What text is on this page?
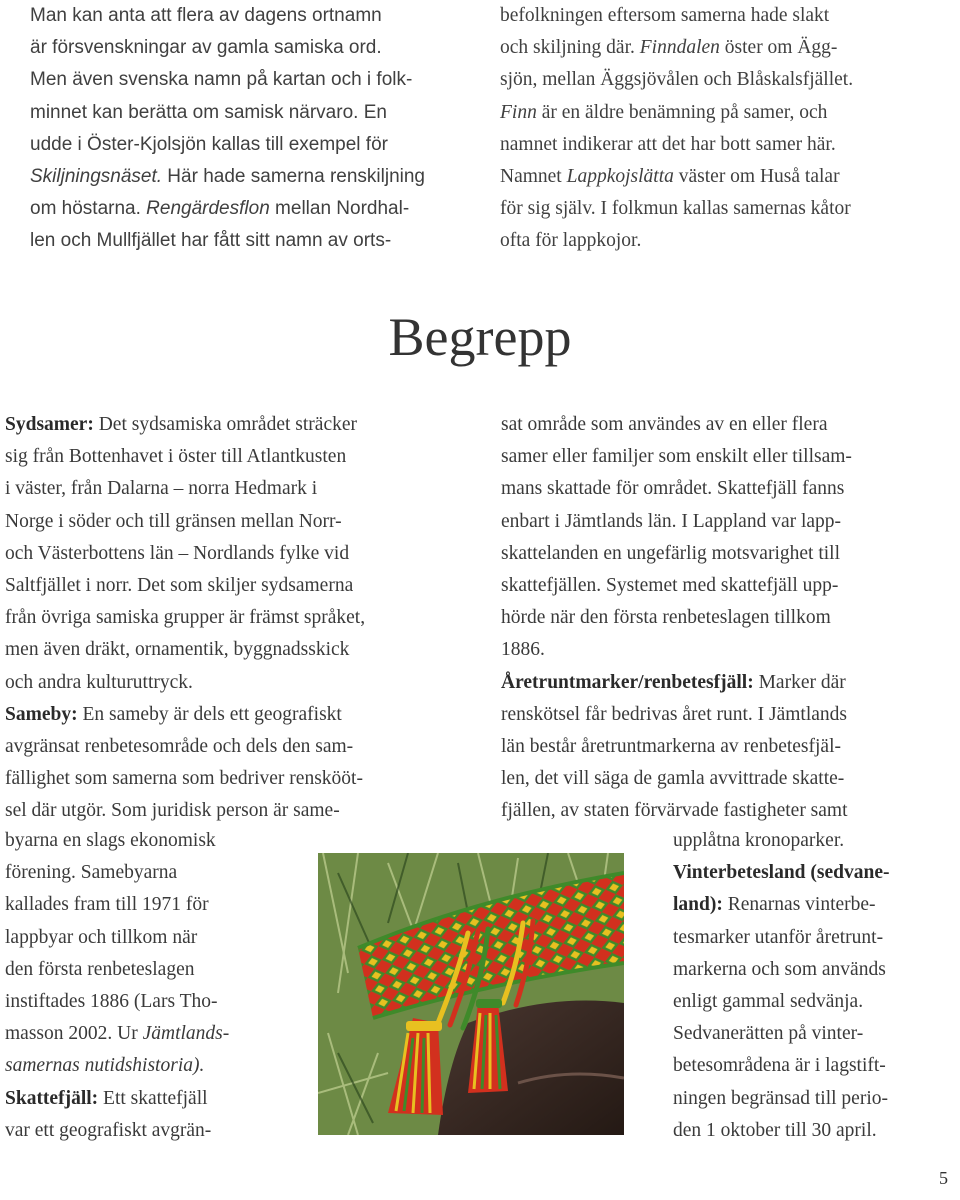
Man kan anta att flera av dagens ortnamn
är försvenskningar av gamla samiska ord.
Men även svenska namn på kartan och i folk-
minnet kan berätta om samisk närvaro. En
udde i Öster-Kjolsjön kallas till exempel för
Skiljningsnäset. Här hade samerna renskiljning
om höstarna. Rengärdesflon mellan Nordhal-
len och Mullfjället har fått sitt namn av orts-
befolkningen eftersom samerna hade slakt
och skiljning där. Finndalen öster om Ägg-
sjön, mellan Äggsjövålen och Blåskalsfjället.
Finn är en äldre benämning på samer, och
namnet indikerar att det har bott samer här.
Namnet Lappkojslätta väster om Huså talar
för sig själv. I folkmun kallas samernas kåtor
ofta för lappkojor.
Begrepp
Sydsamer: Det sydsamiska området sträcker
sig från Bottenhavet i öster till Atlantkusten
i väster, från Dalarna – norra Hedmark i
Norge i söder och till gränsen mellan Norr-
och Västerbottens län – Nordlands fylke vid
Saltfjället i norr. Det som skiljer sydsamerna
från övriga samiska grupper är främst språket,
men även dräkt, ornamentik, byggnadsskick
och andra kulturuttryck.
Sameby: En sameby är dels ett geografiskt
avgränsat renbetesområde och dels den sam-
fällighet som samerna som bedriver renskööt-
sel där utgör. Som juridisk person är same-
byarna en slags ekonomisk
förening. Samebyarna
kallades fram till 1971 för
lappbyar och tillkom när
den första renbeteslagen
instiftades 1886 (Lars Tho-
masson 2002. Ur Jämtlands-
samernas nutidshistoria).
Skattefjäll: Ett skattefjäll
var ett geografiskt avgrän-
sat område som användes av en eller flera
samer eller familjer som enskilt eller tillsam-
mans skattade för området. Skattefjäll fanns
enbart i Jämtlands län. I Lappland var lapp-
skattelanden en ungefärlig motsvarighet till
skattefjällen. Systemet med skattefjäll upp-
hörde när den första renbeteslagen tillkom
1886.
Åretruntmarker/renbetesfjäll: Marker där
renskötsel får bedrivas året runt. I Jämtlands
län består åretruntmarkerna av renbetesfjäl-
len, det vill säga de gamla avvittrade skatte-
fjällen, av staten förvärvade fastigheter samt
upplåtna kronoparker.
Vinterbetesland (sedvane-
land): Renarnas vinterbe-
tesmarker utanför åretrunt-
markerna och som används
enligt gammal sedvänja.
Sedvanerätten på vinter-
betesområdena är i lagstift-
ningen begränsad till perio-
den 1 oktober till 30 april.
5
